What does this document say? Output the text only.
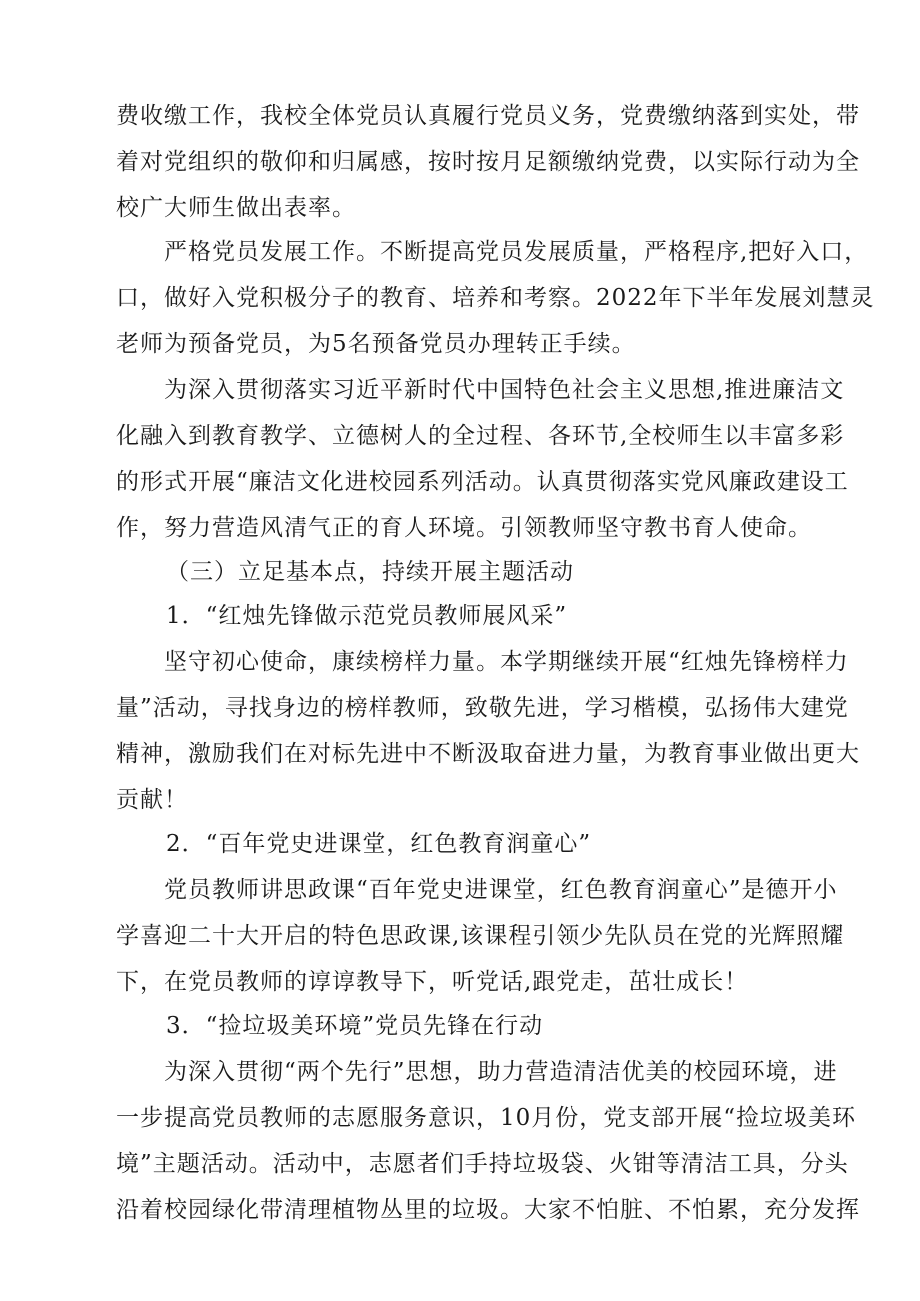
费收缴工作，我校全体党员认真履行党员义务，党费缴纳落到实处，带
着对党组织的敬仰和归属感，按时按月足额缴纳党费，以实际行动为全
校广大师生做出表率。
严格党员发展工作。不断提高党员发展质量，严格程序,把好入口，
口，做好入党积极分子的教育、培养和考察。2022年下半年发展刘慧灵
老师为预备党员，为5名预备党员办理转正手续。
为深入贯彻落实习近平新时代中国特色社会主义思想,推进廉洁文
化融入到教育教学、立德树人的全过程、各环节,全校师生以丰富多彩
的形式开展“廉洁文化进校园系列活动。认真贯彻落实党风廉政建设工
作，努力营造风清气正的育人环境。引领教师坚守教书育人使命。
（三）立足基本点，持续开展主题活动
1．“红烛先锋做示范党员教师展风采”
坚守初心使命，康续榜样力量。本学期继续开展“红烛先锋榜样力
量”活动，寻找身边的榜样教师，致敬先进，学习楷模，弘扬伟大建党
精神，激励我们在对标先进中不断汲取奋进力量，为教育事业做出更大
贡献！
2．“百年党史进课堂，红色教育润童心”
党员教师讲思政课“百年党史进课堂，红色教育润童心”是德开小
学喜迎二十大开启的特色思政课,该课程引领少先队员在党的光辉照耀
下，在党员教师的谆谆教导下，听党话,跟党走，茁壮成长！
3．“捡垃圾美环境”党员先锋在行动
为深入贯彻“两个先行”思想，助力营造清洁优美的校园环境，进
一步提高党员教师的志愿服务意识，10月份，党支部开展“捡垃圾美环
境”主题活动。活动中，志愿者们手持垃圾袋、火钳等清洁工具，分头
沿着校园绿化带清理植物丛里的垃圾。大家不怕脏、不怕累，充分发挥
